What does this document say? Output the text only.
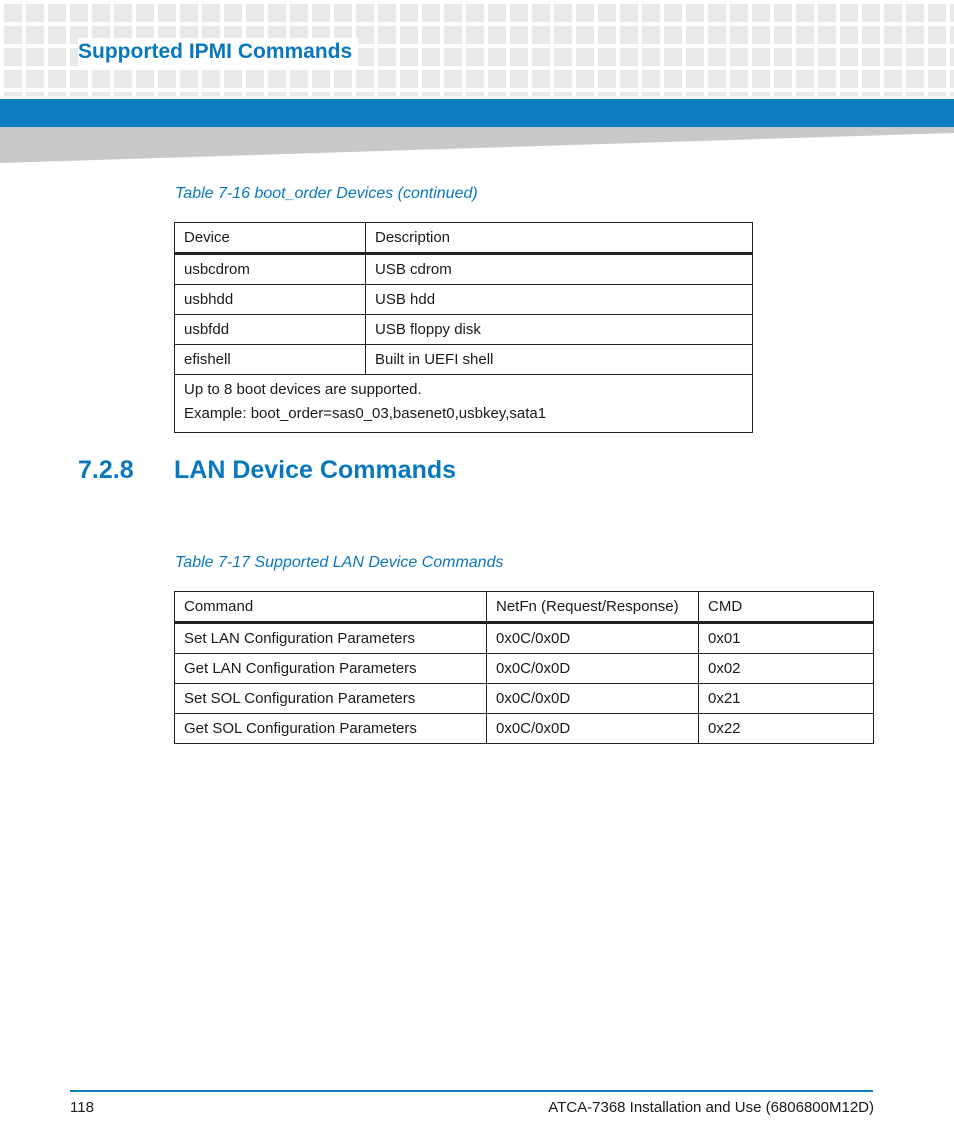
Supported IPMI Commands
Table 7-16 boot_order Devices (continued)
Device	Description
usbcdrom	USB cdrom
usbhdd	USB hdd
usbfdd	USB floppy disk
efishell	Built in UEFI shell

Up to 8 boot devices are supported.
Example: boot_order=sas0_03,basenet0,usbkey,sata1	
7.2.8 LAN Device Commands
Table 7-17 Supported LAN Device Commands
Command	NetFn (Request/Response)	CMD
Set LAN Configuration Parameters	0x0C/0x0D	0x01
Get LAN Configuration Parameters	0x0C/0x0D	0x02
Set SOL Configuration Parameters	0x0C/0x0D	0x21
Get SOL Configuration Parameters	0x0C/0x0D	0x22
118	ATCA-7368 Installation and Use (6806800M12D)
